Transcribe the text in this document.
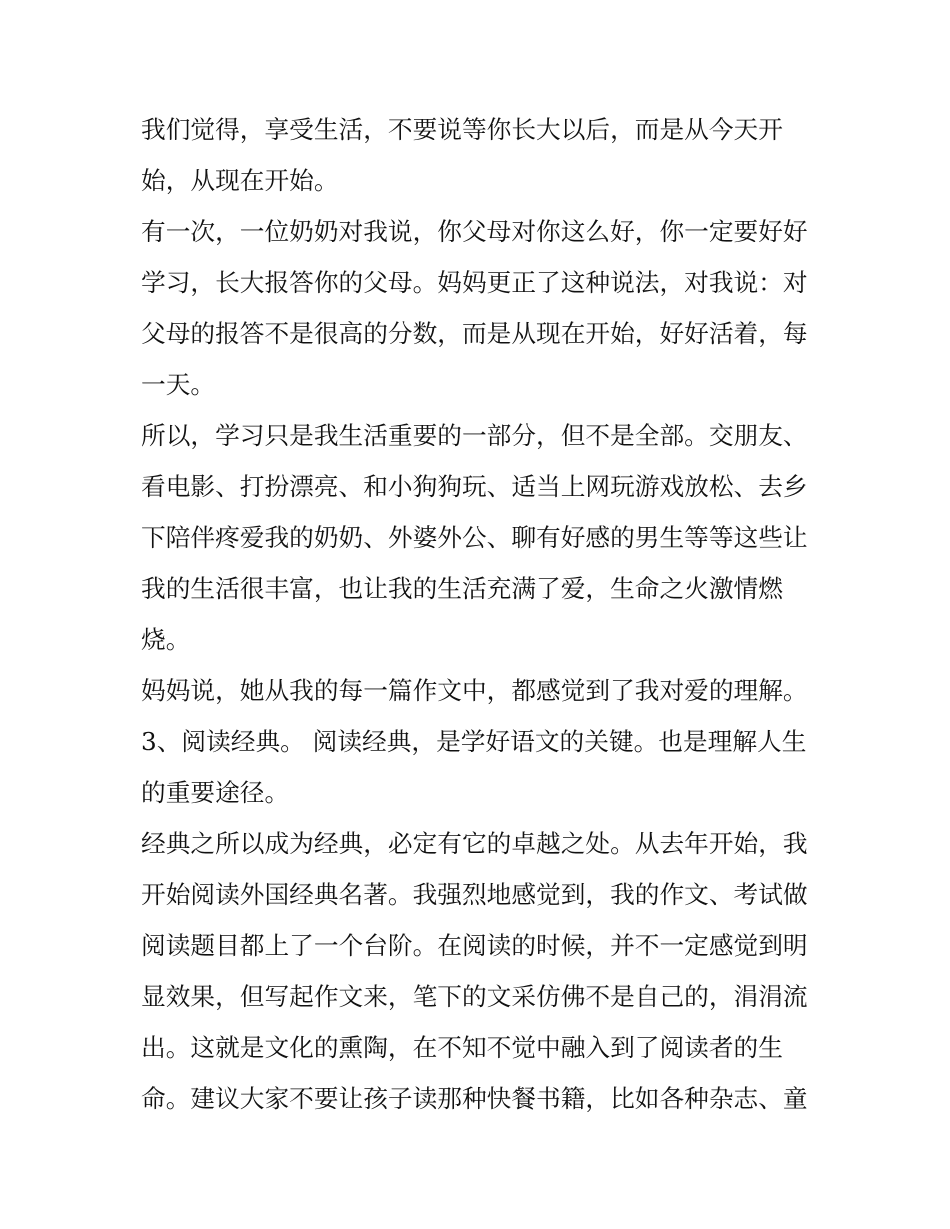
我们觉得，享受生活，不要说等你长大以后，而是从今天开始，从现在开始。

有一次，一位奶奶对我说，你父母对你这么好，你一定要好好学习，长大报答你的父母。妈妈更正了这种说法，对我说：对父母的报答不是很高的分数，而是从现在开始，好好活着，每一天。

所以，学习只是我生活重要的一部分，但不是全部。交朋友、看电影、打扮漂亮、和小狗狗玩、适当上网玩游戏放松、去乡下陪伴疼爱我的奶奶、外婆外公、聊有好感的男生等等这些让我的生活很丰富，也让我的生活充满了爱，生命之火激情燃烧。

妈妈说，她从我的每一篇作文中，都感觉到了我对爱的理解。

3、阅读经典。 阅读经典，是学好语文的关键。也是理解人生的重要途径。

经典之所以成为经典，必定有它的卓越之处。从去年开始，我开始阅读外国经典名著。我强烈地感觉到，我的作文、考试做阅读题目都上了一个台阶。在阅读的时候，并不一定感觉到明显效果，但写起作文来，笔下的文采仿佛不是自己的，涓涓流出。这就是文化的熏陶，在不知不觉中融入到了阅读者的生命。建议大家不要让孩子读那种快餐书籍，比如各种杂志、童
